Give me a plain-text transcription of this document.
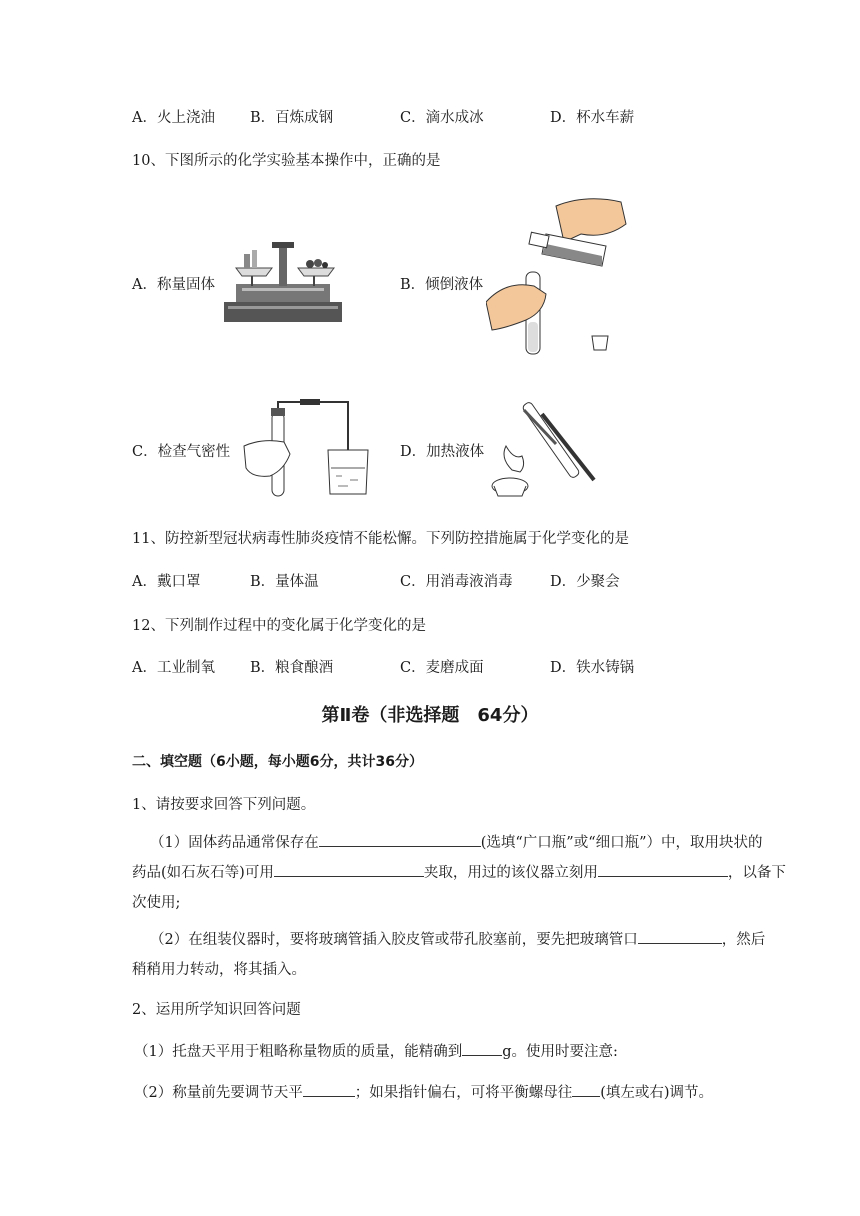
A．火上浇油 B．百炼成钢	C．滴水成冰	D．杯水车薪
10、下图所示的化学实验基本操作中，正确的是
A．称量固体	B．倾倒液体
C．检查气密性	D．加热液体
11、防控新型冠状病毒性肺炎疫情不能松懈。下列防控措施属于化学变化的是
A．戴口罩	B．量体温	C．用消毒液消毒	D．少聚会
12、下列制作过程中的变化属于化学变化的是
A．工业制氧 B．粮食酿酒	C．麦磨成面	D．铁水铸锅
第Ⅱ卷（非选择题　64分）
二、填空题（6小题，每小题6分，共计36分）
1、请按要求回答下列问题。
（1）固体药品通常保存在	(选填“广口瓶”或“细口瓶”）中，取用块状的
药品(如石灰石等)可用	夹取，用过的该仪器立刻用	，以备下
次使用;
（2）在组装仪器时，要将玻璃管插入胶皮管或带孔胶塞前，要先把玻璃管口	，然后
稍稍用力转动，将其插入。
2、运用所学知识回答问题
（1）托盘天平用于粗略称量物质的质量，能精确到	g。使用时要注意:
（2）称量前先要调节天平	；如果指针偏右，可将平衡螺母往 (填左或右)调节。
